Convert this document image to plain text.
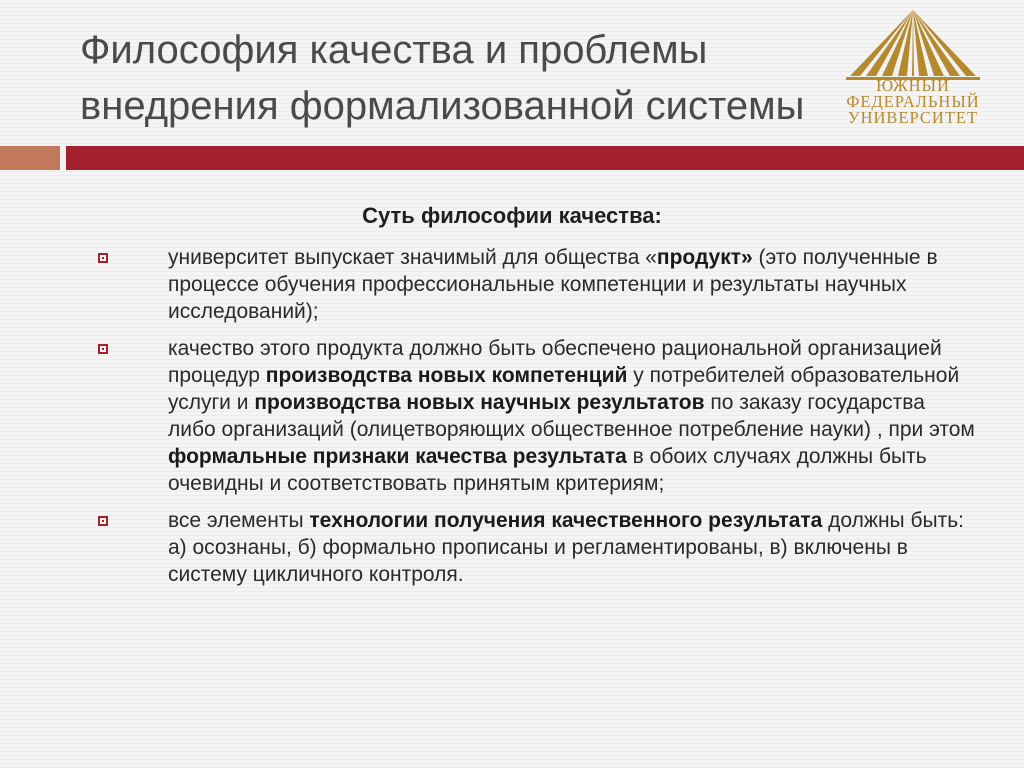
Философия качества и проблемы
внедрения формализованной системы	ЮЖНЫЙ
ФЕДЕРАЛЬНЫЙ
УНИВЕРСИТЕТ
Суть философии качества:
университет выпускает значимый для общества «продукт» (это полученные в процессе обучения профессиональные компетенции и результаты научных исследований);
качество этого продукта должно быть обеспечено рациональной организацией процедур производства новых компетенций у потребителей образовательной услуги и производства новых научных результатов по заказу государства либо организаций (олицетворяющих общественное потребление науки) , при этом формальные признаки качества результата в обоих случаях должны быть очевидны и соответствовать принятым критериям;
все элементы технологии получения качественного результата должны быть: а) осознаны, б) формально прописаны и регламентированы, в) включены в систему цикличного контроля.
